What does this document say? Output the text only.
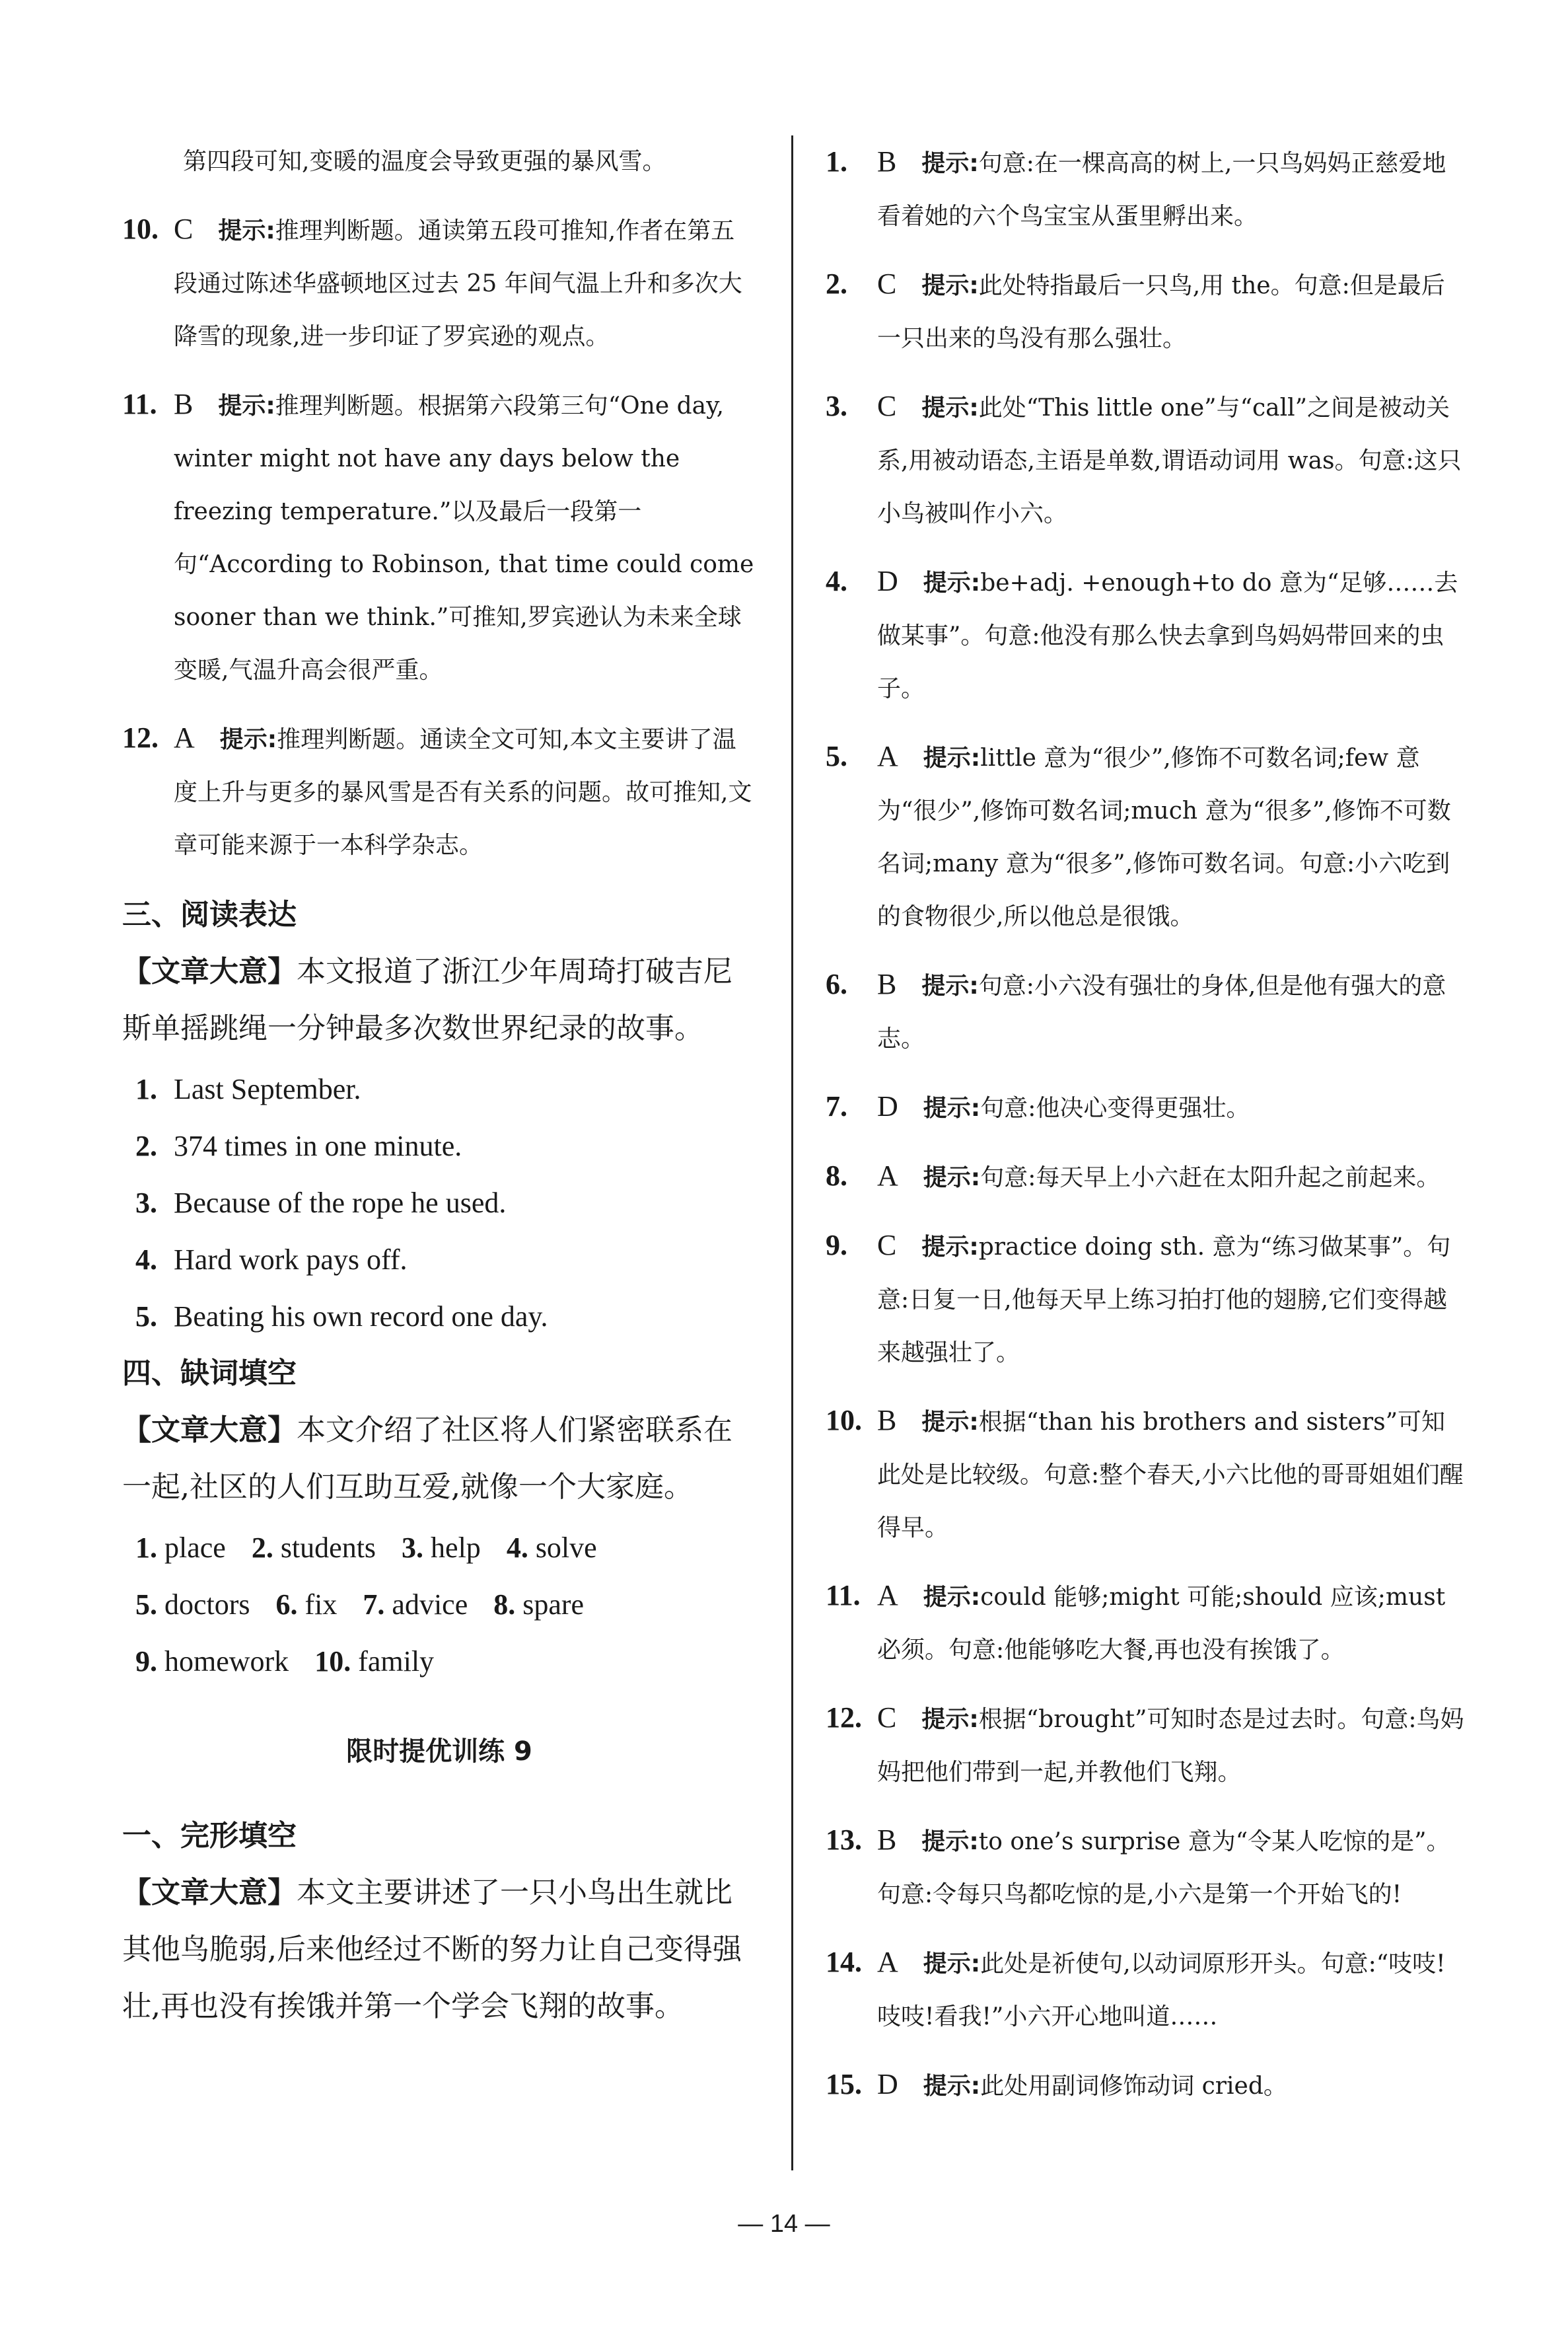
第四段可知,变暖的温度会导致更强的暴风雪。
10. C 提示:推理判断题。通读第五段可推知,作者在第五段通过陈述华盛顿地区过去 25 年间气温上升和多次大降雪的现象,进一步印证了罗宾逊的观点。
11. B 提示:推理判断题。根据第六段第三句“One day, winter might not have any days below the freezing temperature.”以及最后一段第一句“According to Robinson, that time could come sooner than we think.”可推知,罗宾逊认为未来全球变暖,气温升高会很严重。
12. A 提示:推理判断题。通读全文可知,本文主要讲了温度上升与更多的暴风雪是否有关系的问题。故可推知,文章可能来源于一本科学杂志。
三、阅读表达
【文章大意】本文报道了浙江少年周琦打破吉尼斯单摇跳绳一分钟最多次数世界纪录的故事。
1. Last September.
2. 374 times in one minute.
3. Because of the rope he used.
4. Hard work pays off.
5. Beating his own record one day.
四、缺词填空
【文章大意】本文介绍了社区将人们紧密联系在一起,社区的人们互助互爱,就像一个大家庭。
1. place 2. students 3. help 4. solve
5. doctors 6. fix 7. advice 8. spare
9. homework 10. family
限时提优训练 9
一、完形填空
【文章大意】本文主要讲述了一只小鸟出生就比其他鸟脆弱,后来他经过不断的努力让自己变得强壮,再也没有挨饿并第一个学会飞翔的故事。
1.	B 提示:句意:在一棵高高的树上,一只鸟妈妈正慈爱地看着她的六个鸟宝宝从蛋里孵出来。
2.	C 提示:此处特指最后一只鸟,用 the。句意:但是最后一只出来的鸟没有那么强壮。
3.	C 提示:此处“This little one”与“call”之间是被动关系,用被动语态,主语是单数,谓语动词用 was。句意:这只小鸟被叫作小六。
4.	D 提示:be+adj. +enough+to do 意为“足够……去做某事”。句意:他没有那么快去拿到鸟妈妈带回来的虫子。
5.	A 提示:little 意为“很少”,修饰不可数名词;few 意为“很少”,修饰可数名词;much 意为“很多”,修饰不可数名词;many 意为“很多”,修饰可数名词。句意:小六吃到的食物很少,所以他总是很饿。
6.	B 提示:句意:小六没有强壮的身体,但是他有强大的意志。
7.	D 提示:句意:他决心变得更强壮。
8.	A 提示:句意:每天早上小六赶在太阳升起之前起来。
9.	C 提示:practice doing sth. 意为“练习做某事”。句意:日复一日,他每天早上练习拍打他的翅膀,它们变得越来越强壮了。
10. B 提示:根据“than his brothers and sisters”可知此处是比较级。句意:整个春天,小六比他的哥哥姐姐们醒得早。
11. A 提示:could 能够;might 可能;should 应该;must 必须。句意:他能够吃大餐,再也没有挨饿了。
12. C 提示:根据“brought”可知时态是过去时。句意:鸟妈妈把他们带到一起,并教他们飞翔。
13. B 提示:to one’s surprise 意为“令某人吃惊的是”。句意:令每只鸟都吃惊的是,小六是第一个开始飞的!
14. A 提示:此处是祈使句,以动词原形开头。句意:“吱吱!吱吱!看我!”小六开心地叫道……
15. D 提示:此处用副词修饰动词 cried。
— 14 —
